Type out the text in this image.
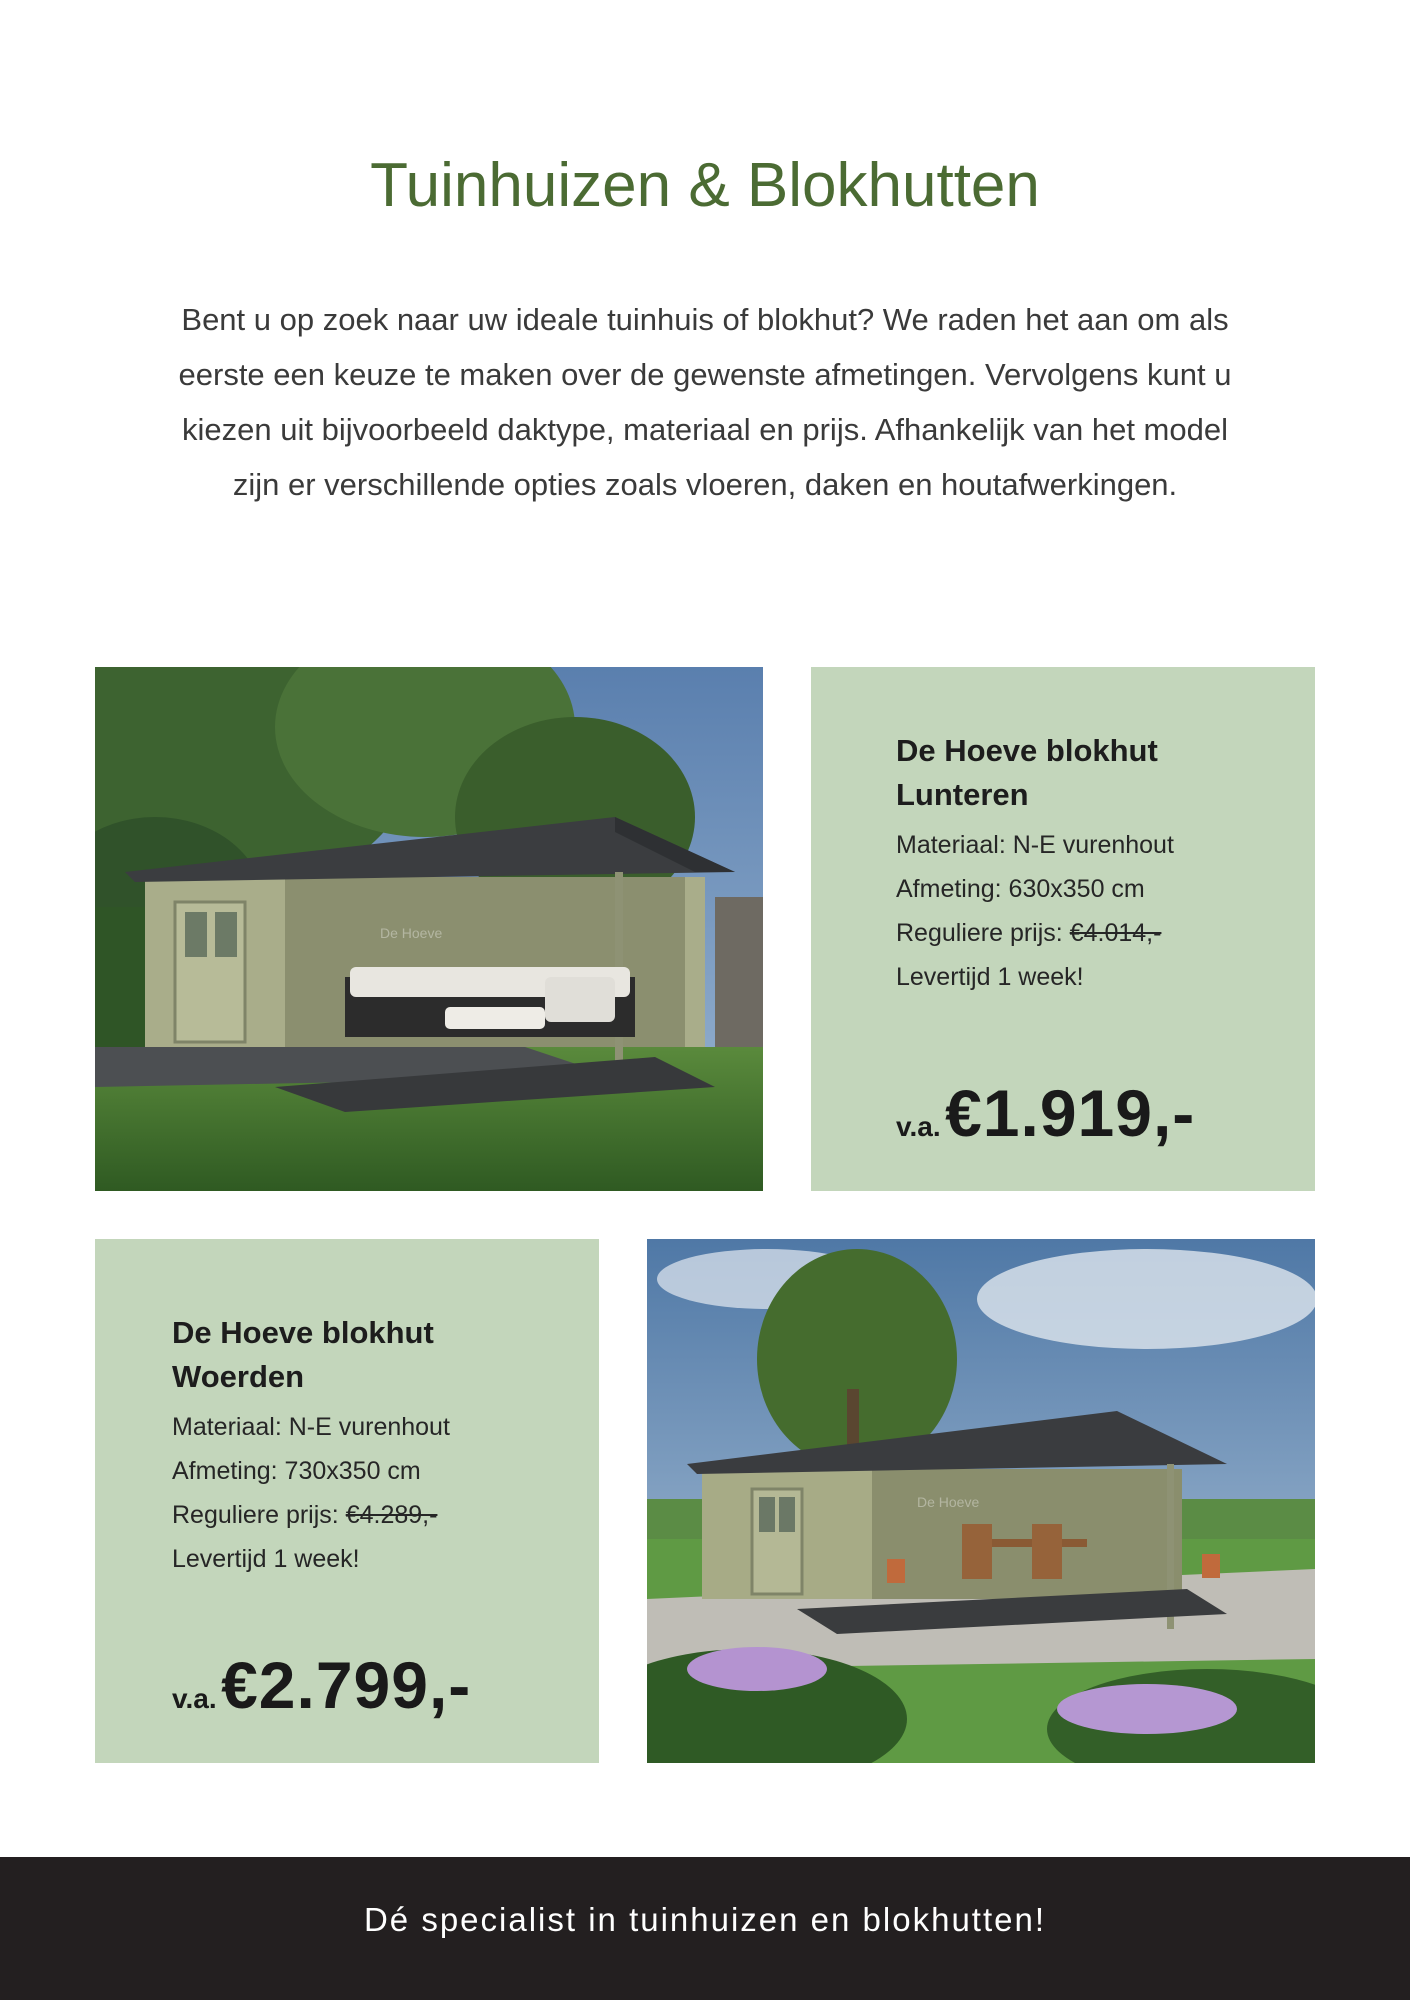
Tuinhuizen & Blokhutten
Bent u op zoek naar uw ideale tuinhuis of blokhut? We raden het aan om als
eerste een keuze te maken over de gewenste afmetingen. Vervolgens kunt u
kiezen uit bijvoorbeeld daktype, materiaal en prijs. Afhankelijk van het model
zijn er verschillende opties zoals vloeren, daken en houtafwerkingen.
De Hoeve
De Hoeve blokhut
Lunteren

Materiaal: N-E vurenhout

Afmeting: 630x350 cm

Reguliere prijs: €4.014,-

Levertijd 1 week!

v.a. €1.919,-
De Hoeve blokhut
Woerden

Materiaal: N-E vurenhout

Afmeting: 730x350 cm

Reguliere prijs: €4.289,-

Levertijd 1 week!

v.a. €2.799,-
De Hoeve
Dé specialist in tuinhuizen en blokhutten!
